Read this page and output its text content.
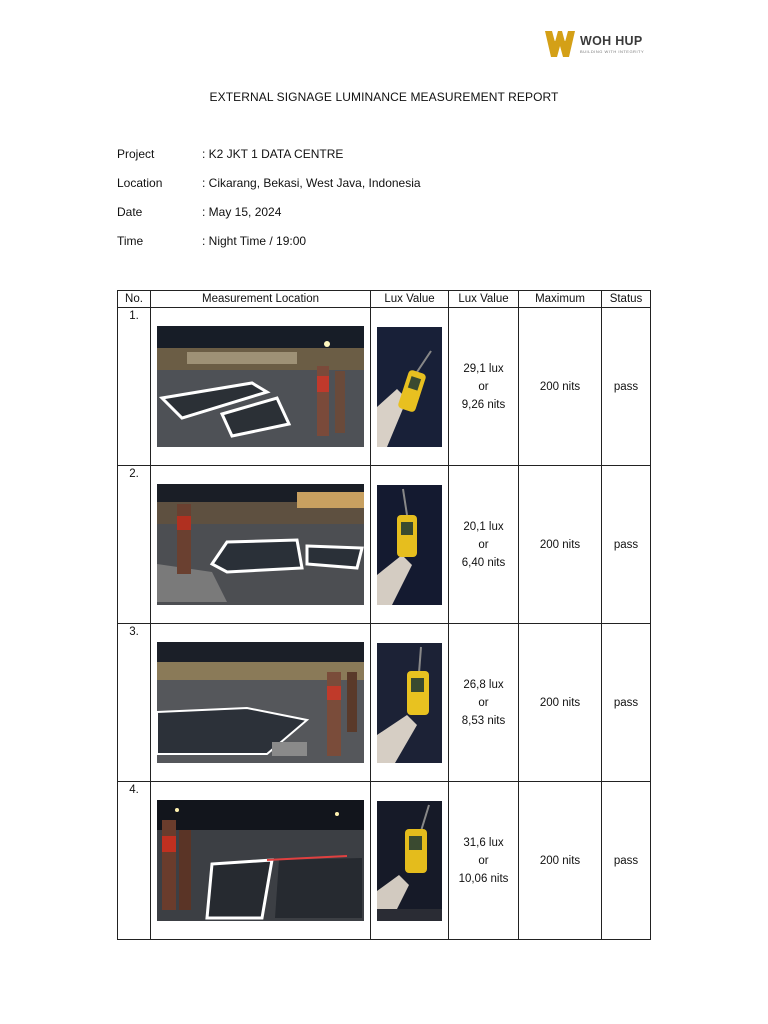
WOH HUP
BUILDING WITH INTEGRITY
EXTERNAL SIGNAGE LUMINANCE MEASUREMENT REPORT
Project	: K2 JKT 1 DATA CENTRE
Location	: Cikarang, Bekasi, West Java, Indonesia
Date	: May 15, 2024
Time	: Night Time / 19:00
No.	Measurement Location	Lux Value	Lux Value	Maximum	Status
1.			29,1 lux
or
9,26 nits	200 nits	pass
2.			20,1 lux
or
6,40 nits	200 nits	pass
3.			26,8 lux
or
8,53 nits	200 nits	pass
4.			31,6 lux
or
10,06 nits	200 nits	pass
